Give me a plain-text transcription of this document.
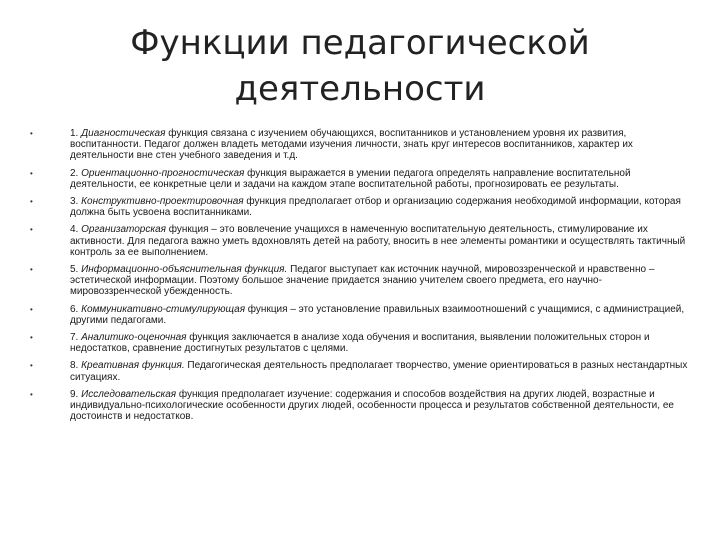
Функции педагогической
деятельности
•	1. Диагностическая функция связана с изучением обучающихся, воспитанников и установлением уровня их развития, воспитанности. Педагог должен владеть методами изучения личности, знать круг интересов воспитанников, характер их деятельности вне стен учебного заведения и т.д.
•	2. Ориентационно-прогностическая функция выражается в умении педагога определять направление воспитательной деятельности, ее конкретные цели и задачи на каждом этапе воспитательной работы, прогнозировать ее результаты.
•	3. Конструктивно-проектировочная функция предполагает отбор и организацию содержания необходимой информации, которая должна быть усвоена воспитанниками.
•	4. Организаторская функция – это вовлечение учащихся в намеченную воспитательную деятельность, стимулирование их активности. Для педагога важно уметь вдохновлять детей на работу, вносить в нее элементы романтики и осуществлять тактичный контроль за ее выполнением.
•	5. Информационно-объяснительная функция. Педагог выступает как источник научной, мировоззренческой и нравственно – эстетической информации. Поэтому большое значение придается знанию учителем своего предмета, его научно-мировоззренческой убежденность.
•	6. Коммуникативно-стимулирующая функция – это установление правильных взаимоотношений с учащимися, с администрацией, другими педагогами.
•	7. Аналитико-оценочная функция заключается в анализе хода обучения и воспитания, выявлении положительных сторон и недостатков, сравнение достигнутых результатов с целями.
•	8. Креативная функция. Педагогическая деятельность предполагает творчество, умение ориентироваться в разных нестандартных ситуациях.
•	9. Исследовательская функция предполагает изучение: содержания и способов воздействия на других людей, возрастные и индивидуально-психологические особенности других людей, особенности процесса и результатов собственной деятельности, ее достоинств и недостатков.
